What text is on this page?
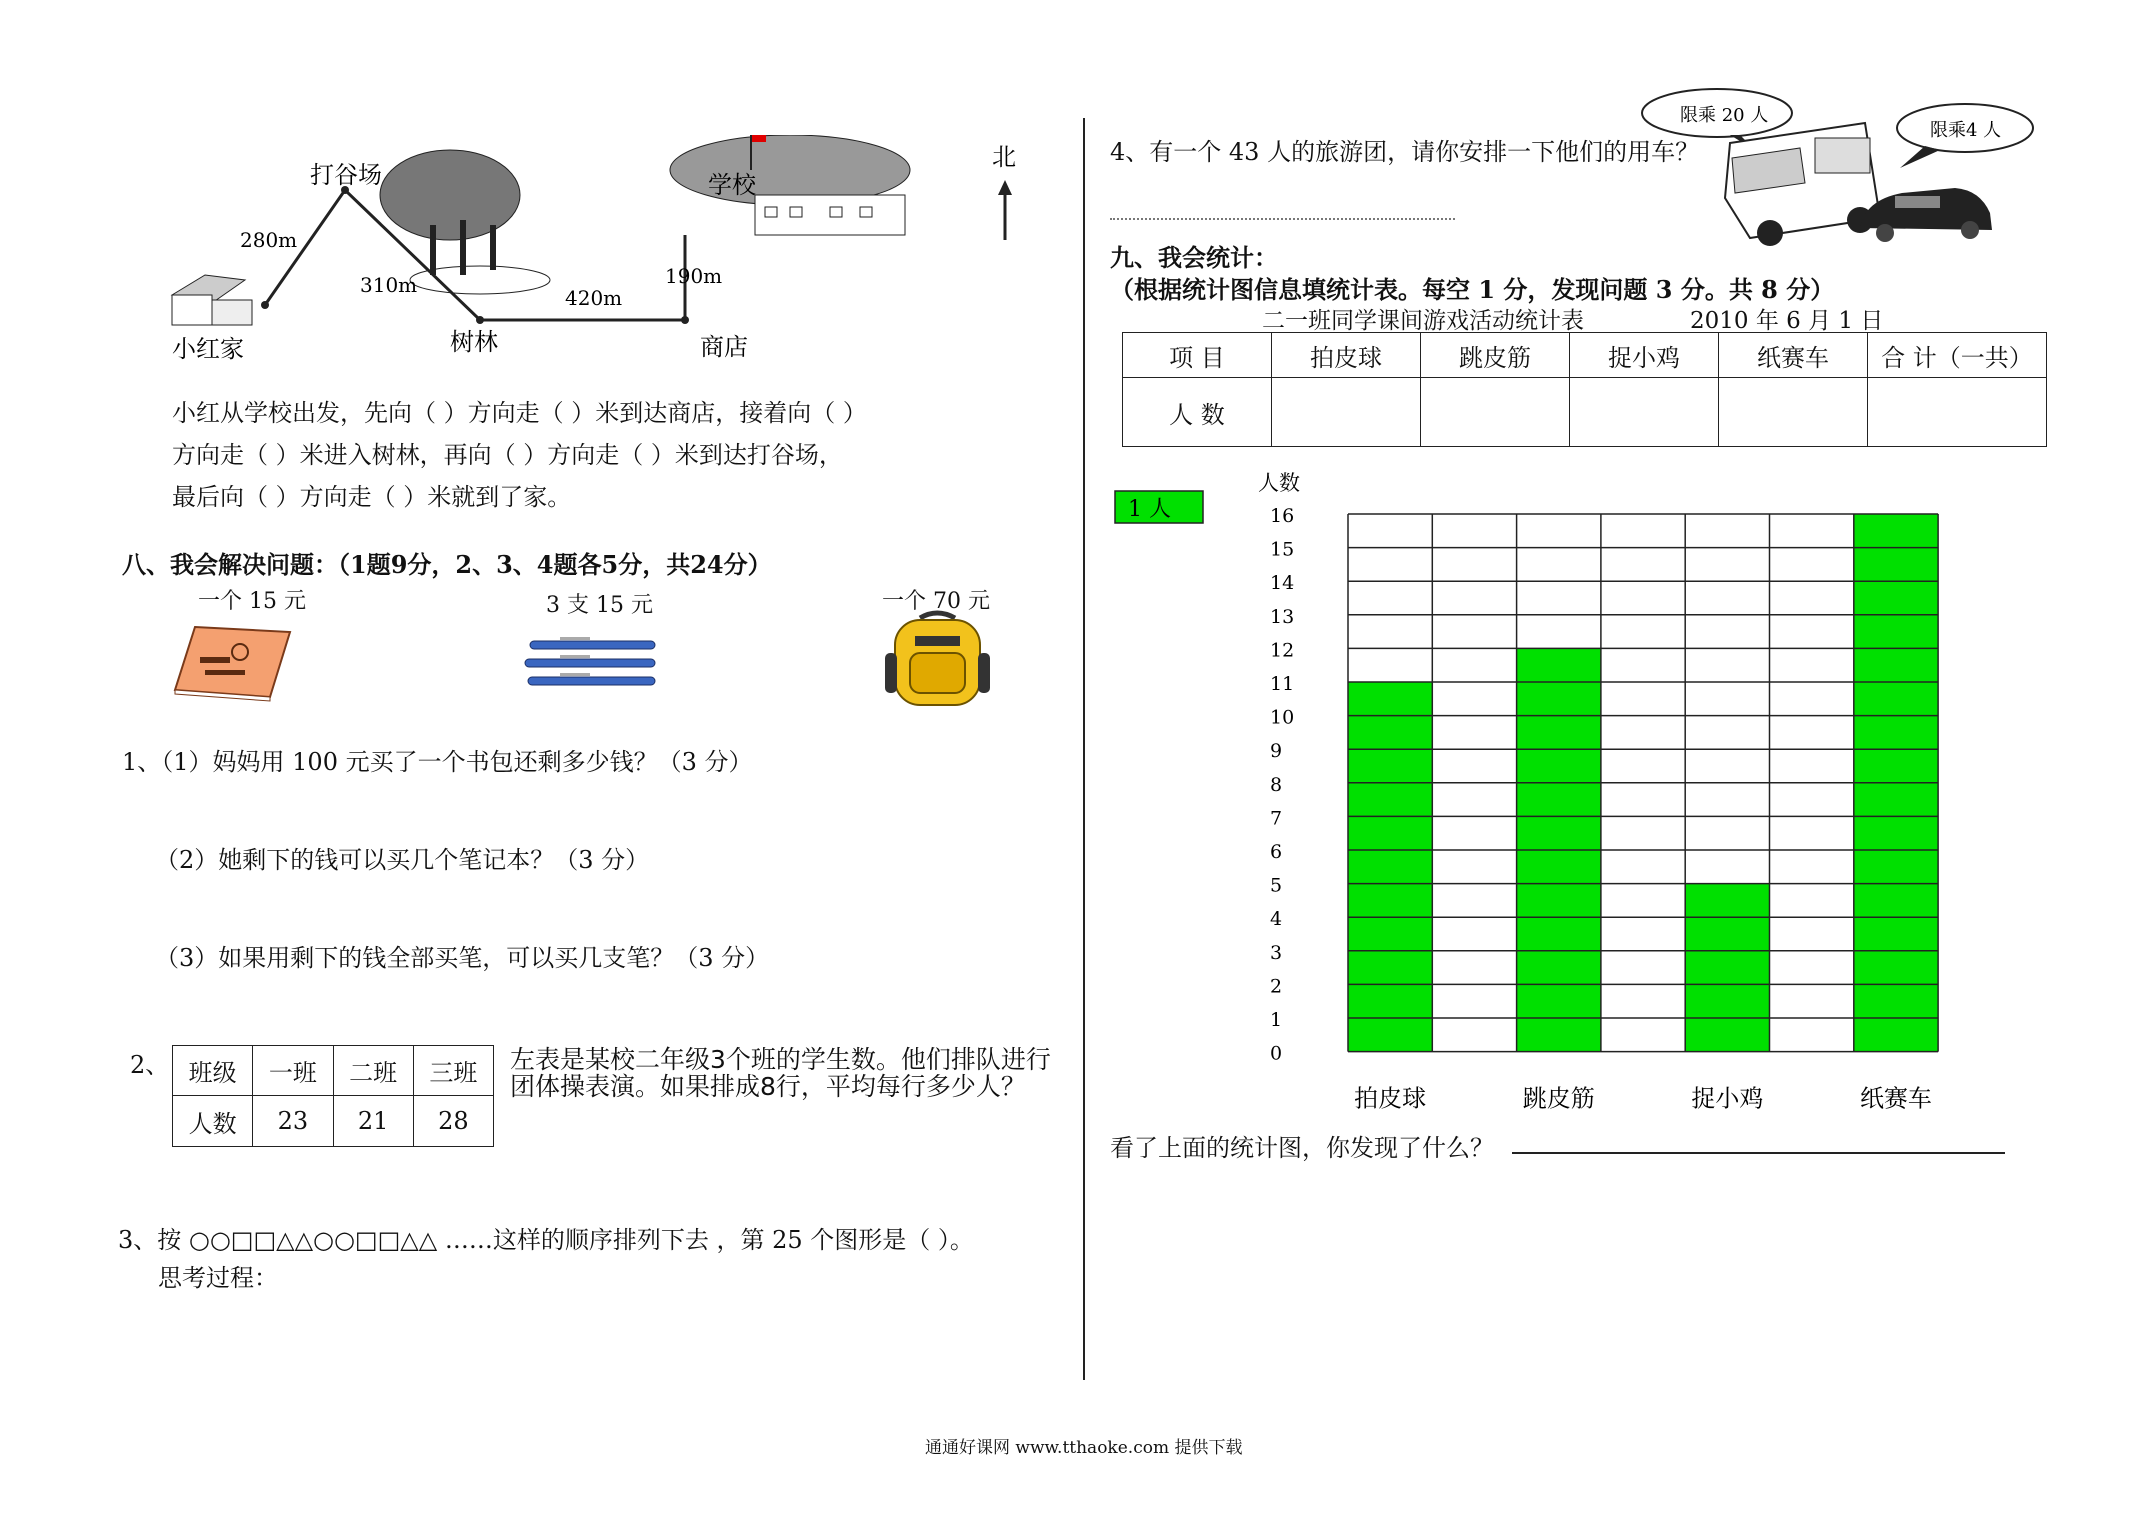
北
小红家
打谷场
树林	商店
学校
280m
310m
420m
190m
小红从学校出发，先向（ ）方向走（ ）米到达商店，接着向（ ）
方向走（ ）米进入树林，再向（ ）方向走（ ）米到达打谷场，
最后向（ ）方向走（ ）米就到了家。
八、我会解决问题：（1题9分，2、3、4题各5分，共24分）
一个 15 元	3 支 15 元	一个 70 元
1、（1）妈妈用 100 元买了一个书包还剩多少钱？（3 分）
（2）她剩下的钱可以买几个笔记本？（3 分）
（3）如果用剩下的钱全部买笔，可以买几支笔？（3 分）
2、 班级	一班	二班	三班
人数	23	21	28
左表是某校二年级3个班的学生数。他们排队进行
团体操表演。如果排成8行，平均每行多少人？
3、按 ○○□□△△○○□□△△ ……这样的顺序排列下去 ，第 25 个图形是（ ）。
思考过程：
4、有一个 43 人的旅游团，请你安排一下他们的用车？
限乘 20 人
限乘4 人
九、我会统计：
（根据统计图信息填统计表。每空 1 分，发现问题 3 分。共 8 分）
二一班同学课间游戏活动统计表	2010 年 6 月 1 日
项 目	拍皮球	跳皮筋	捉小鸡	纸赛车	合 计（一共）
人 数					
1 人
人数
0
1
2
3
4
5
6
7
8
9
10
11
12
13
14
15
16
拍皮球	跳皮筋	捉小鸡	纸赛车
看了上面的统计图，你发现了什么？
通通好课网 www.tthaoke.com 提供下载
